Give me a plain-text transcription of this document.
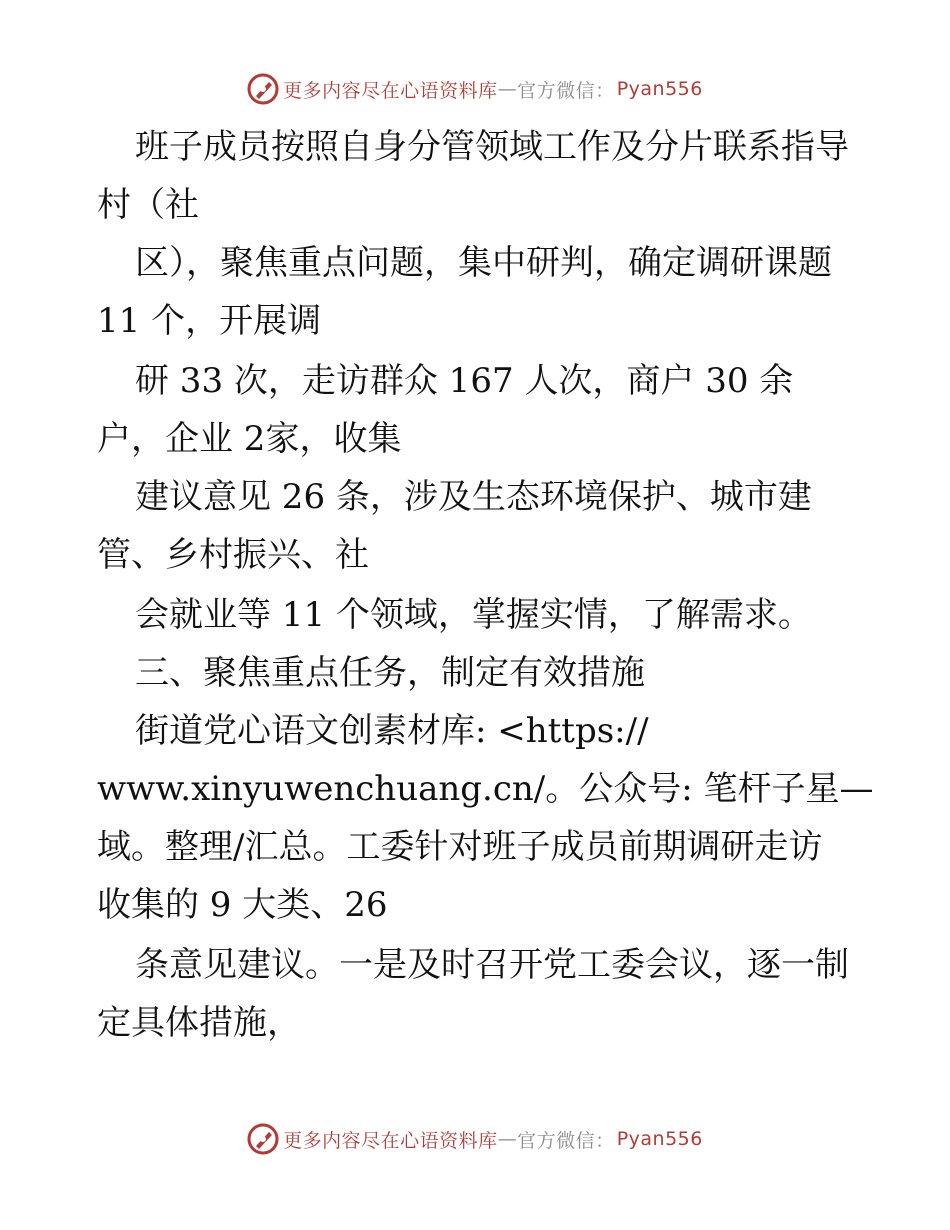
更多内容尽在心语资料库 — 官方微信： Pyan556
班子成员按照自身分管领域工作及分片联系指导
村（社
区），聚焦重点问题，集中研判，确定调研课题
11 个，开展调
研 33 次，走访群众 167 人次，商户 30 余
户，企业 2家，收集
建议意见 26 条，涉及生态环境保护、城市建
管、乡村振兴、社
会就业等 11 个领域，掌握实情，了解需求。
三、聚焦重点任务，制定有效措施
街道党心语文创素材库: <https://
www.xinyuwenchuang.cn/。公众号: 笔杆子星—
域。整理/汇总。工委针对班子成员前期调研走访
收集的 9 大类、26
条意见建议。一是及时召开党工委会议，逐一制
定具体措施，
更多内容尽在心语资料库 — 官方微信： Pyan556
